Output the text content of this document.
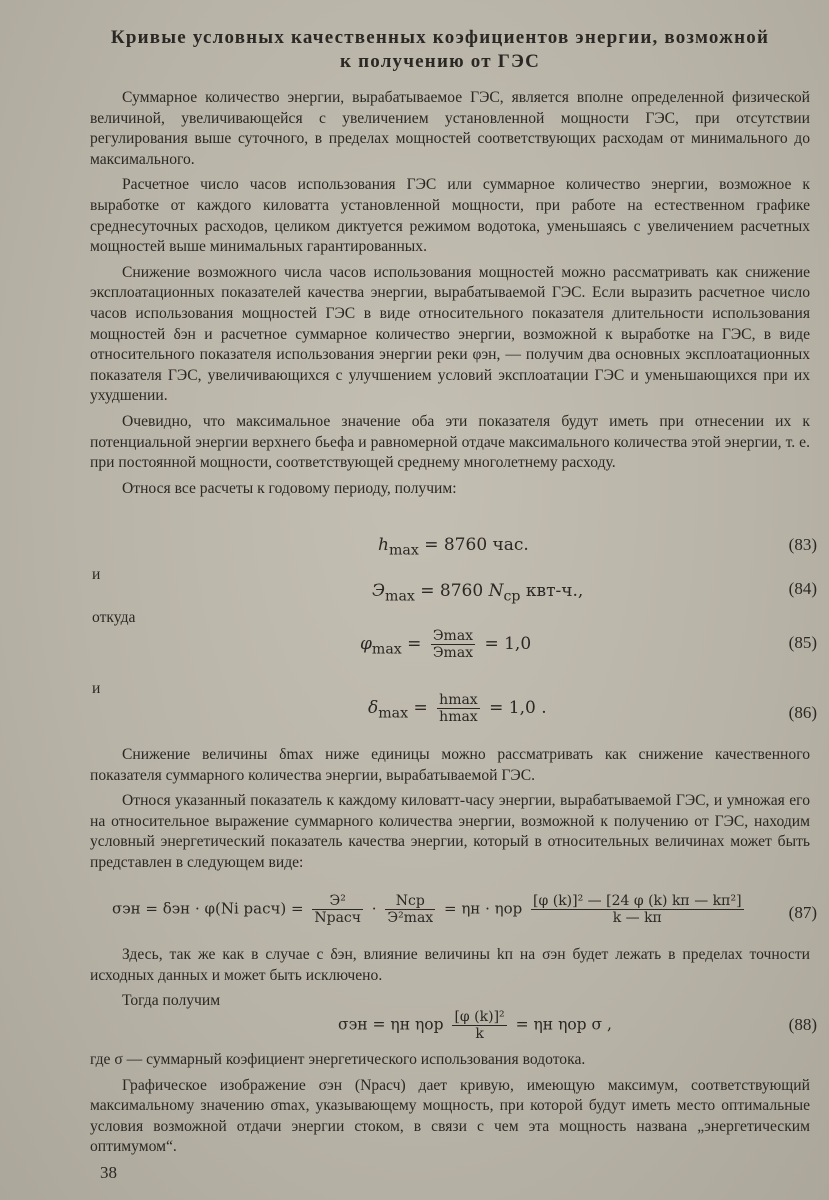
Кривые условных качественных коэфициентов энергии, возможной
к получению от ГЭС

Суммарное количество энергии, вырабатываемое ГЭС, является вполне определенной физической величиной, увеличивающейся с увеличением установленной мощности ГЭС, при отсутствии регулирования выше суточного, в пределах мощностей соответствующих расходам от минимального до максимального.

Расчетное число часов использования ГЭС или суммарное количество энергии, возможное к выработке от каждого киловатта установленной мощности, при работе на естественном графике среднесуточных расходов, целиком диктуется режимом водотока, уменьшаясь с увеличением расчетных мощностей выше минимальных гарантированных.

Снижение возможного числа часов использования мощностей можно рассматривать как снижение эксплоатационных показателей качества энергии, вырабатываемой ГЭС. Если выразить расчетное число часов использования мощностей ГЭС в виде относительного показателя длительности использования мощностей δэн и расчетное суммарное количество энергии, возможной к выработке на ГЭС, в виде относительного показателя использования энергии реки φэн, — получим два основных эксплоатационных показателя ГЭС, увеличивающихся с улучшением условий эксплоатации ГЭС и уменьшающихся при их ухудшении.

Очевидно, что максимальное значение оба эти показателя будут иметь при отнесении их к потенциальной энергии верхнего бьефа и равномерной отдаче максимального количества этой энергии, т. е. при постоянной мощности, соответствующей среднему многолетнему расходу.

Относя все расчеты к годовому периоду, получим:

$h_{max} = 8760$ час.	(83)
и
$Э_{max} = 8760$ $N_{ср}$ квт-ч.,	(84)
откуда
$\varphi_{max} = \frac{Э\max}{Э\max} = 1,0$	(85)
и
$\delta_{max} = \frac{hmax}{hmax} = 1,0$ .	(86)

Снижение величины δmax ниже единицы можно рассматривать как снижение качественного показателя суммарного количества энергии, вырабатываемой ГЭС.

Относя указанный показатель к каждому киловатт-часу энергии, вырабатываемой ГЭС, и умножая его на относительное выражение суммарного количества энергии, возможной к получению от ГЭС, находим условный энергетический показатель качества энергии, который в относительных величинах может быть представлен в следующем виде:

σэн = δэн · φ(Nі расч) = $\frac{\text{Э²}}{\text{Nрасч}} \cdot \frac{\text{Nср}}{\text{Э²max}} = \eta н \cdot \eta ор \frac{\text{[φ (k)]² — [24 φ (k) kп — kп²]}}{k — kп}$	(87)

Здесь, так же как в случае с δэн, влияние величины kп на σэн будет лежать в пределах точности исходных данных и может быть исключено.

Тогда получим

σэн = ηн ηор $\frac{\text{[φ (k)]²}}{k} = \eta н$ ηор σ ,	(88)

где σ — суммарный коэфициент энергетического использования водотока.

Графическое изображение σэн (Nрасч) дает кривую, имеющую максимум, соответствующий максимальному значению σmax, указывающему мощность, при которой будут иметь место оптимальные условия возможной отдачи энергии стоком, в связи с чем эта мощность названа „энергетическим оптимумом“.

38
